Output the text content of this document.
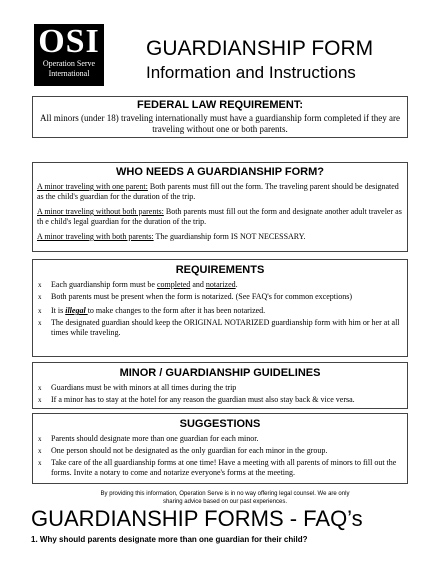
OSI
Operation Serve
International
GUARDIANSHIP FORM
Information and Instructions
FEDERAL LAW REQUIREMENT:
All minors (under 18) traveling internationally must have a guardianship form completed if they are traveling without one or both parents.
WHO NEEDS A GUARDIANSHIP FORM?
A minor traveling with one parent: Both parents must fill out the form. The traveling parent should be designated as the child's guardian for the duration of the trip.
A minor traveling without both parents: Both parents must fill out the form and designate another adult traveler as th e child's legal guardian for the duration of the trip.
A minor traveling with both parents: The guardianship form IS NOT NECESSARY.
REQUIREMENTS
x Each guardianship form must be completed and notarized.
x Both parents must be present when the form is notarized. (See FAQ's for common exceptions)
x It is illegal to make changes to the form after it has been notarized.
x The designated guardian should keep the ORIGINAL NOTARIZED guardianship form with him or her at all times while traveling.
MINOR / GUARDIANSHIP GUIDELINES
x Guardians must be with minors at all times during the trip
x If a minor has to stay at the hotel for any reason the guardian must also stay back & vice versa.
SUGGESTIONS
x Parents should designate more than one guardian for each minor.
x One person should not be designated as the only guardian for each minor in the group.
x Take care of the all guardianship forms at one time! Have a meeting with all parents of minors to fill out the forms. Invite a notary to come and notarize everyone's forms at the meeting.
By providing this information, Operation Serve is in no way offering legal counsel. We are only sharing advice based on our past experiences.
GUARDIANSHIP FORMS - FAQ’s
1. Why should parents designate more than one guardian for their child?
